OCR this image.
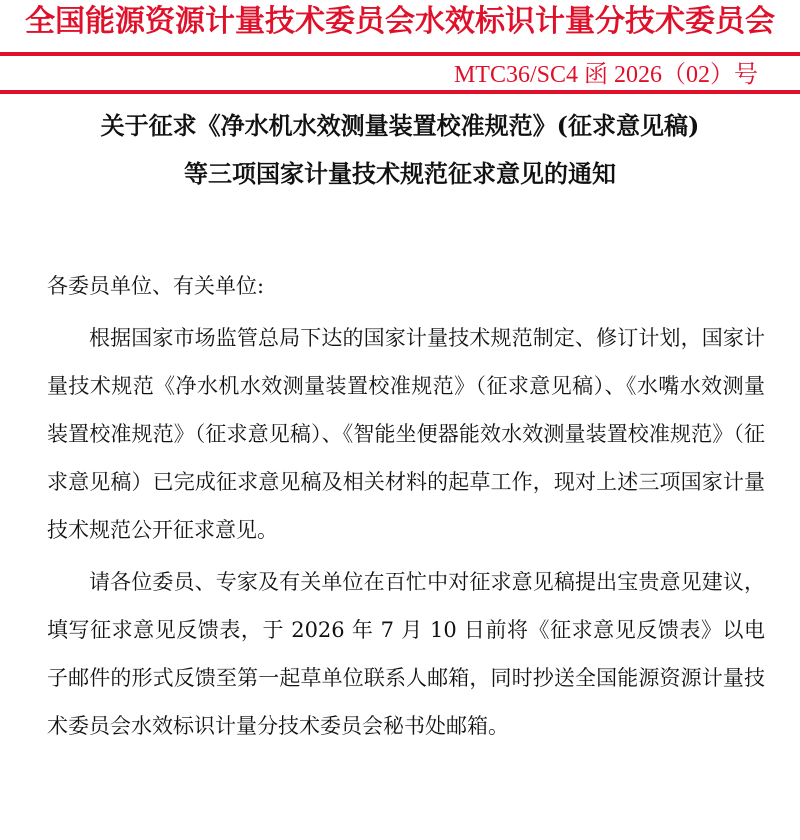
全国能源资源计量技术委员会水效标识计量分技术委员会
MTC36/SC4 函 2026（02）号
关于征求《净水机水效测量装置校准规范》(征求意见稿)
等三项国家计量技术规范征求意见的通知

各委员单位、有关单位:

根据国家市场监管总局下达的国家计量技术规范制定、修订计划，国家计量技术规范《净水机水效测量装置校准规范》（征求意见稿）、《水嘴水效测量装置校准规范》（征求意见稿）、《智能坐便器能效水效测量装置校准规范》（征求意见稿）已完成征求意见稿及相关材料的起草工作，现对上述三项国家计量技术规范公开征求意见。

请各位委员、专家及有关单位在百忙中对征求意见稿提出宝贵意见建议，填写征求意见反馈表，于 2026 年 7 月 10 日前将《征求意见反馈表》以电子邮件的形式反馈至第一起草单位联系人邮箱，同时抄送全国能源资源计量技术委员会水效标识计量分技术委员会秘书处邮箱。
